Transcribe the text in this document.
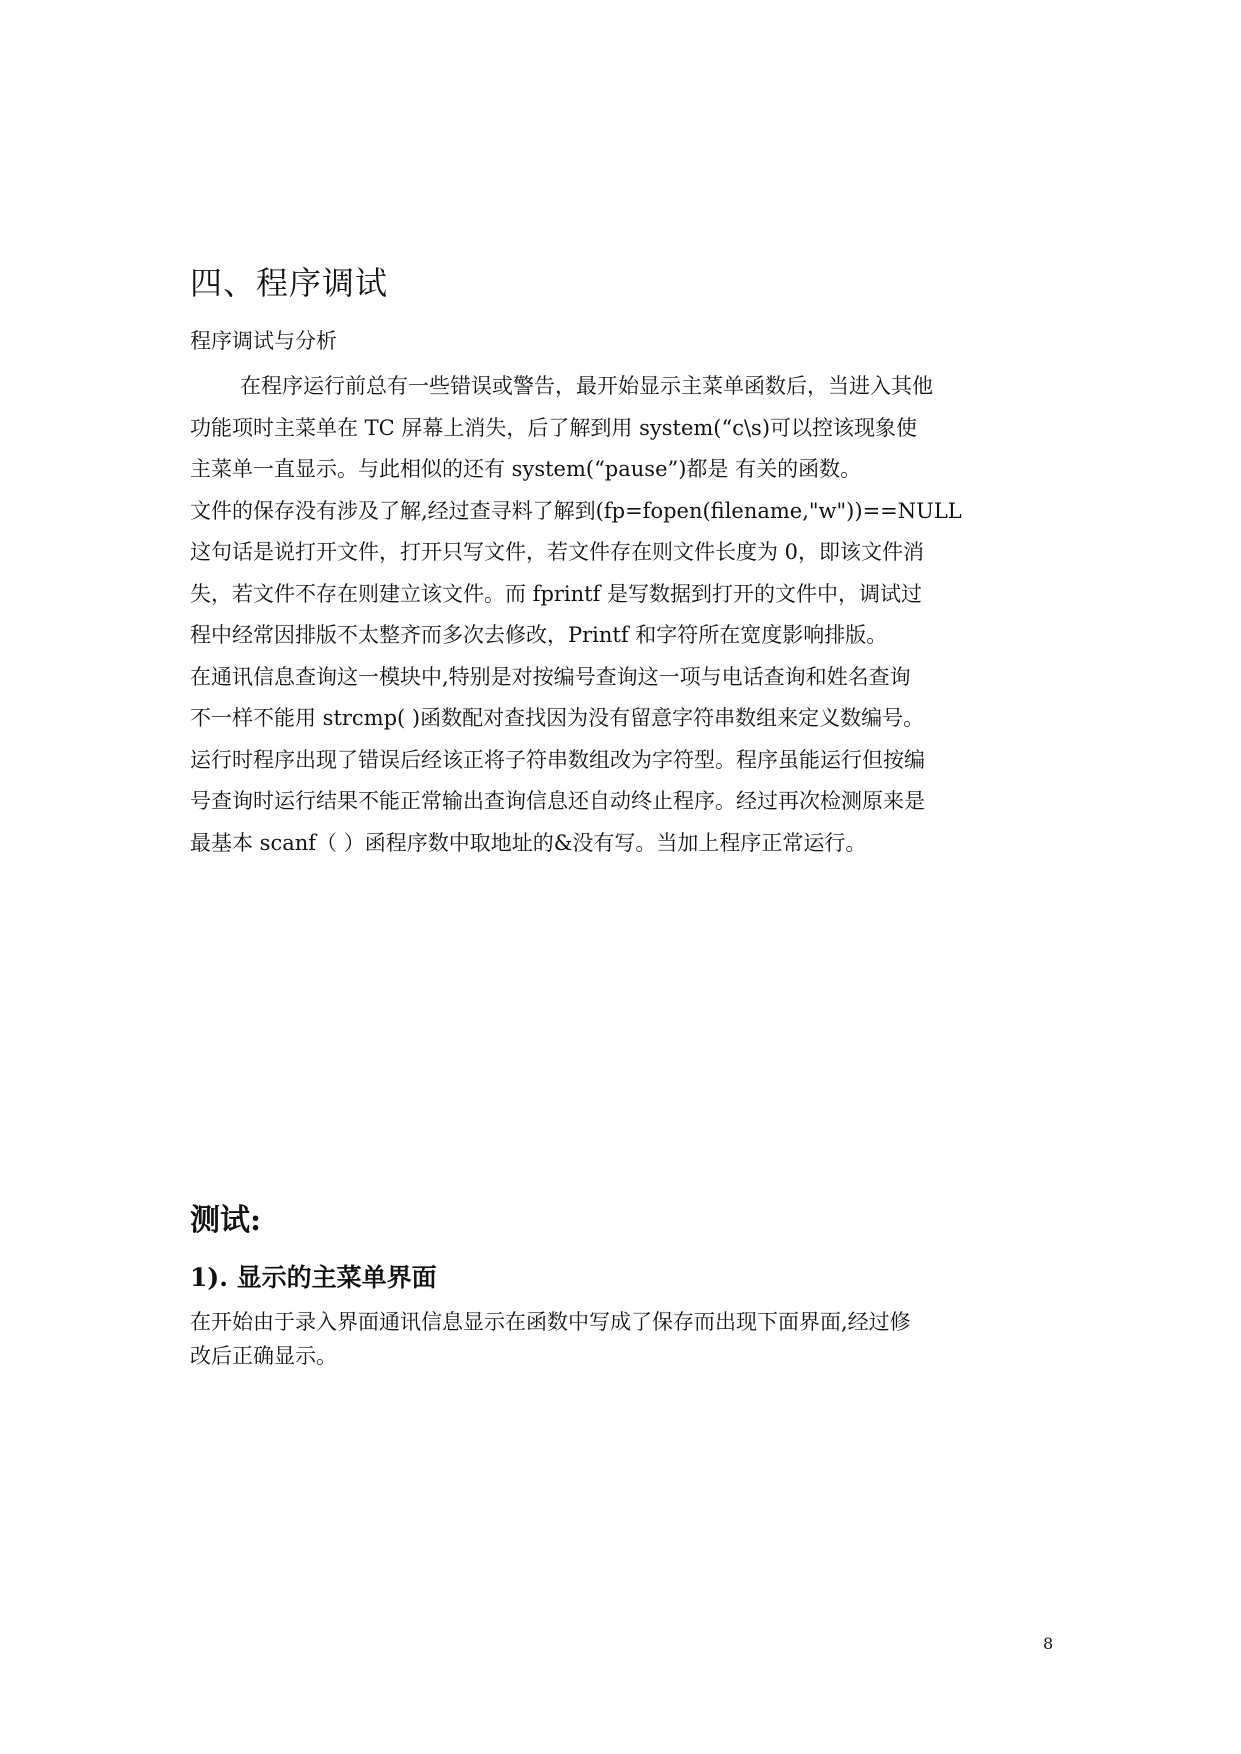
四、程序调试

程序调试与分析

在程序运行前总有一些错误或警告，最开始显示主菜单函数后，当进入其他
功能项时主菜单在 TC 屏幕上消失，后了解到用 system(“c\s)可以控该现象使
主菜单一直显示。与此相似的还有 system(“pause”)都是 有关的函数。
文件的保存没有涉及了解,经过查寻料了解到(fp=fopen(filename,"w"))==NULL
这句话是说打开文件，打开只写文件，若文件存在则文件长度为 0，即该文件消
失，若文件不存在则建立该文件。而 fprintf 是写数据到打开的文件中，调试过
程中经常因排版不太整齐而多次去修改，Printf 和字符所在宽度影响排版。
在通讯信息查询这一模块中,特别是对按编号查询这一项与电话查询和姓名查询
不一样不能用 strcmp( )函数配对查找因为没有留意字符串数组来定义数编号。
运行时程序出现了错误后经该正将子符串数组改为字符型。程序虽能运行但按编
号查询时运行结果不能正常输出查询信息还自动终止程序。经过再次检测原来是
最基本 scanf（ ）函程序数中取地址的&没有写。当加上程序正常运行。
测试:
1). 显示的主菜单界面
在开始由于录入界面通讯信息显示在函数中写成了保存而出现下面界面,经过修
改后正确显示。
8
